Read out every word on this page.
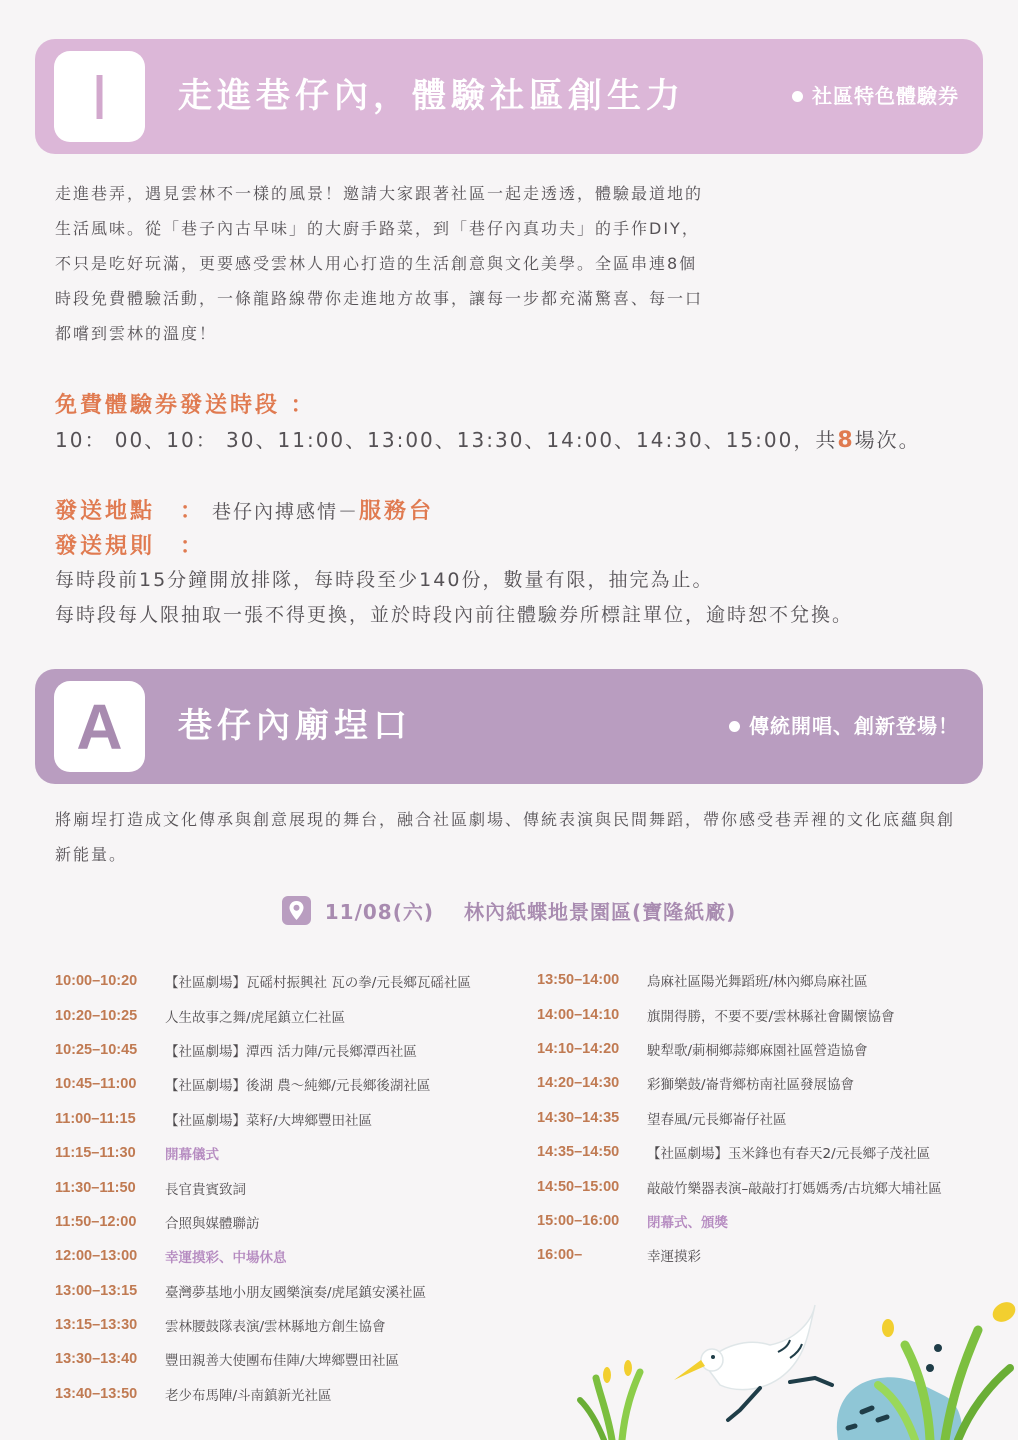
I	走進巷仔內，體驗社區創生力	社區特色體驗券

走進巷弄，遇見雲林不一樣的風景！邀請大家跟著社區一起走透透，體驗最道地的生活風味。從「巷子內古早味」的大廚手路菜，到「巷仔內真功夫」的手作DIY，不只是吃好玩滿，更要感受雲林人用心打造的生活創意與文化美學。全區串連8個時段免費體驗活動，一條龍路線帶你走進地方故事，讓每一步都充滿驚喜、每一口都嚐到雲林的溫度！

免費體驗券發送時段 ：
10： 00、10： 30、11:00、13:00、13:30、14:00、14:30、15:00，共8場次。
發送地點　： 巷仔內搏感情－服務台
發送規則　：
每時段前15分鐘開放排隊，每時段至少140份，數量有限，抽完為止。
每時段每人限抽取一張不得更換，並於時段內前往體驗券所標註單位，逾時恕不兌換。
A	巷仔內廟埕口	傳統開唱、創新登場！

將廟埕打造成文化傳承與創意展現的舞台，融合社區劇場、傳統表演與民間舞蹈，帶你感受巷弄裡的文化底蘊與創新能量。

11/08(六) 林內紙蝶地景園區(寶隆紙廠)
10:00–10:20	【社區劇場】瓦磘村振興社 瓦の拳/元長鄉瓦磘社區
10:20–10:25	人生故事之舞/虎尾鎮立仁社區
10:25–10:45	【社區劇場】潭西 活力陣/元長鄉潭西社區
10:45–11:00	【社區劇場】後湖 農～純鄉/元長鄉後湖社區
11:00–11:15	【社區劇場】菜籽/大埤鄉豐田社區
11:15–11:30	開幕儀式
11:30–11:50	長官貴賓致詞
11:50–12:00	合照與媒體聯訪
12:00–13:00	幸運摸彩、中場休息
13:00–13:15	臺灣夢基地小朋友國樂演奏/虎尾鎮安溪社區
13:15–13:30	雲林腰鼓隊表演/雲林縣地方創生協會
13:30–13:40	豐田親善大使團布佳陣/大埤鄉豐田社區
13:40–13:50	老少布馬陣/斗南鎮新光社區
13:50–14:00	烏麻社區陽光舞蹈班/林內鄉烏麻社區
14:00–14:10	旗開得勝，不要不要/雲林縣社會關懷協會
14:10–14:20	駛犁歌/莿桐鄉蒜鄉麻園社區營造協會
14:20–14:30	彩獅樂鼓/崙背鄉枋南社區發展協會
14:30–14:35	望春風/元長鄉崙仔社區
14:35–14:50	【社區劇場】玉米鋒也有春天2/元長鄉子茂社區
14:50–15:00	敲敲竹樂器表演–敲敲打打媽媽秀/古坑鄉大埔社區
15:00–16:00	閉幕式、頒獎
16:00–	幸運摸彩
